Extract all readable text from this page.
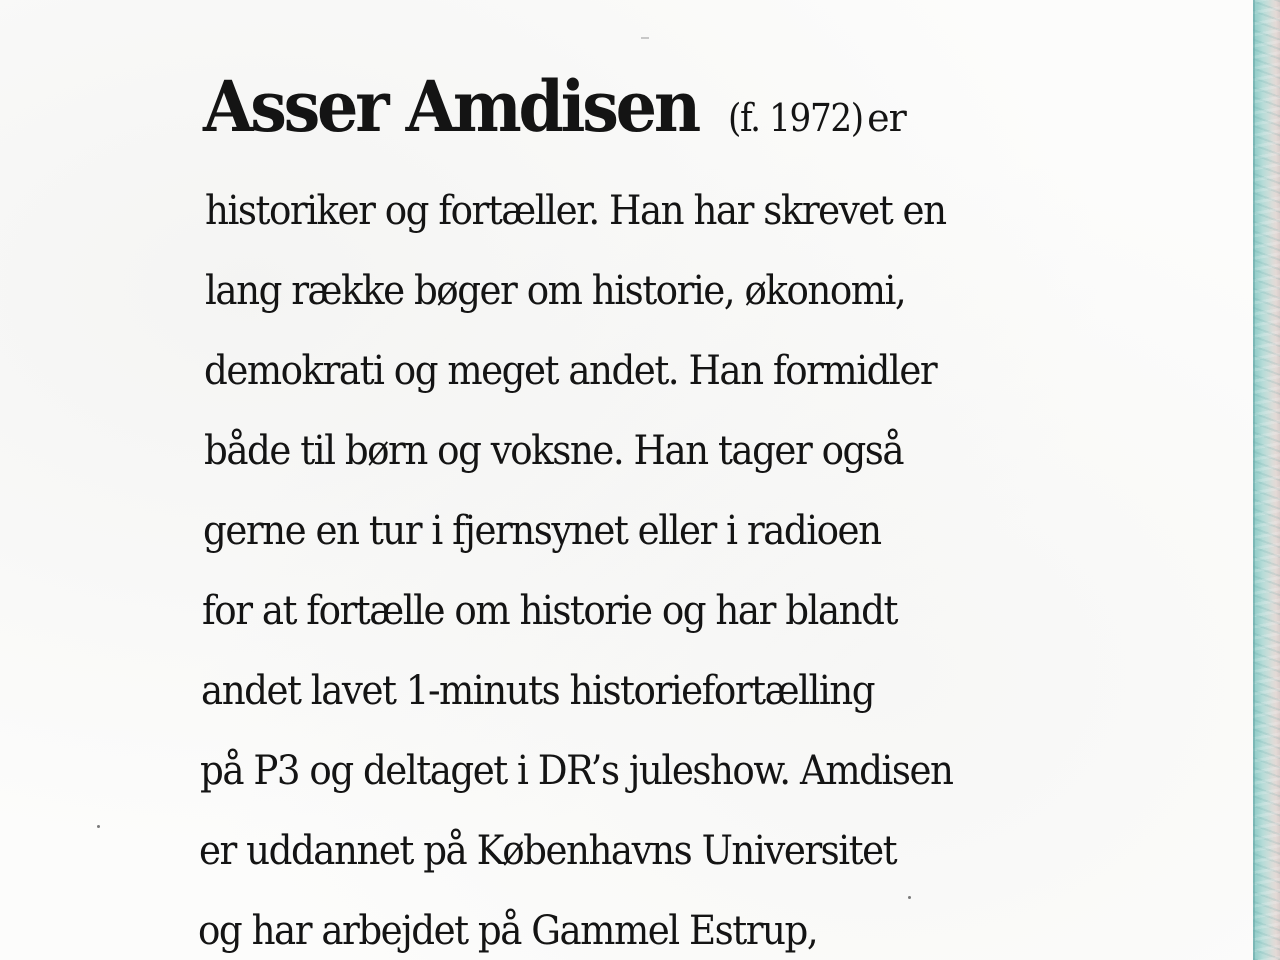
Asser Amdisen (f. 1972) er
historiker og fortæller. Han har skrevet en
lang række bøger om historie, økonomi,
demokrati og meget andet. Han formidler
både til børn og voksne. Han tager også
gerne en tur i fjernsynet eller i radioen
for at fortælle om historie og har blandt
andet lavet 1-minuts historiefortælling
på P3 og deltaget i DR’s juleshow. Amdisen
er uddannet på Københavns Universitet
og har arbejdet på Gammel Estrup,
